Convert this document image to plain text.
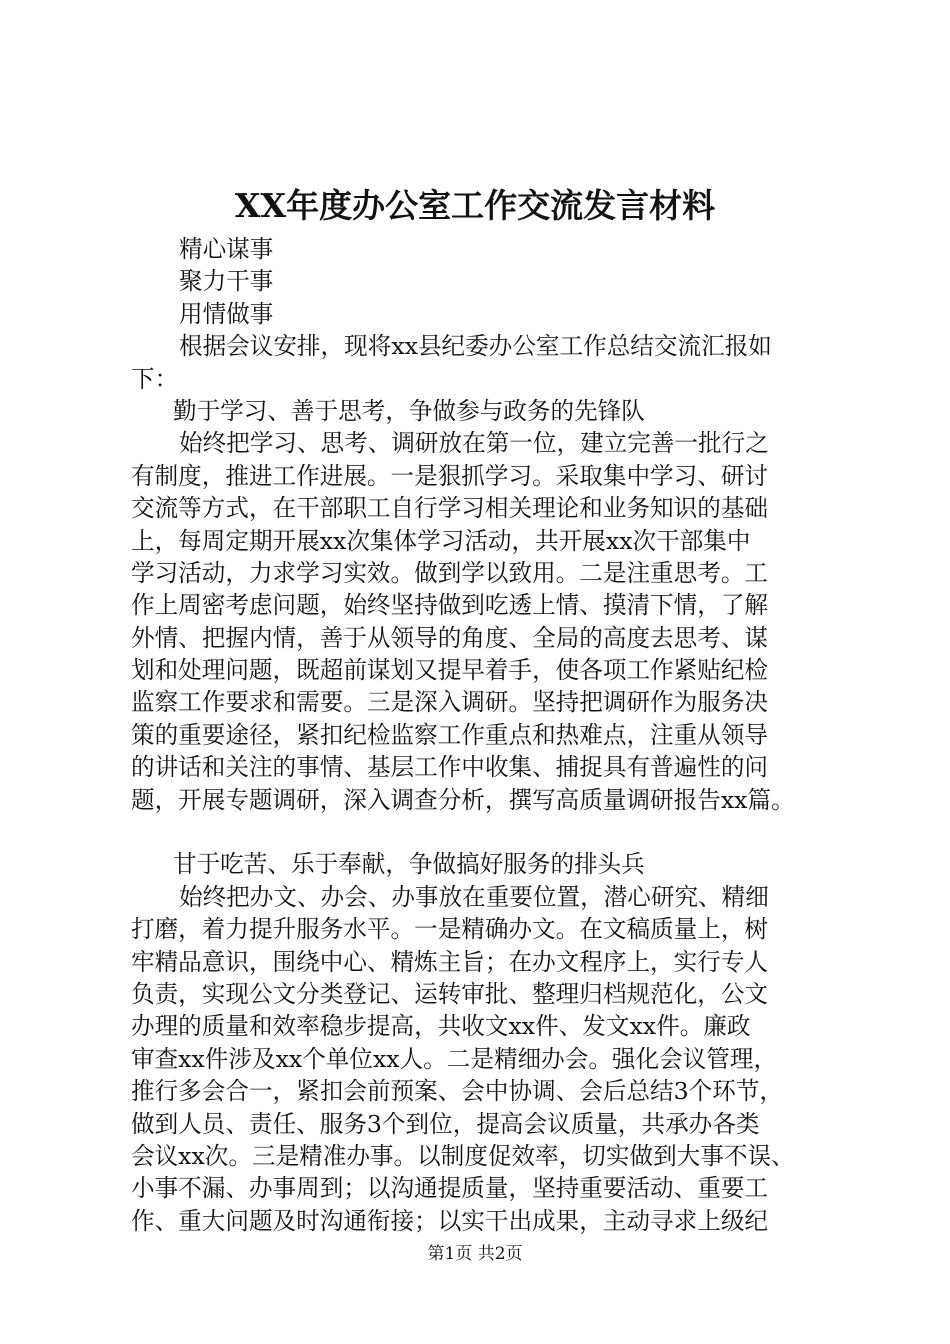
XX年度办公室工作交流发言材料
精心谋事
聚力干事
用情做事
根据会议安排，现将xx县纪委办公室工作总结交流汇报如
下：
勤于学习、善于思考，争做参与政务的先锋队
始终把学习、思考、调研放在第一位，建立完善一批行之
有制度，推进工作进展。一是狠抓学习。采取集中学习、研讨
交流等方式，在干部职工自行学习相关理论和业务知识的基础
上，每周定期开展xx次集体学习活动，共开展xx次干部集中
学习活动，力求学习实效。做到学以致用。二是注重思考。工
作上周密考虑问题，始终坚持做到吃透上情、摸清下情，了解
外情、把握内情，善于从领导的角度、全局的高度去思考、谋
划和处理问题，既超前谋划又提早着手，使各项工作紧贴纪检
监察工作要求和需要。三是深入调研。坚持把调研作为服务决
策的重要途径，紧扣纪检监察工作重点和热难点，注重从领导
的讲话和关注的事情、基层工作中收集、捕捉具有普遍性的问
题，开展专题调研，深入调查分析，撰写高质量调研报告xx篇。
甘于吃苦、乐于奉献，争做搞好服务的排头兵
始终把办文、办会、办事放在重要位置，潜心研究、精细
打磨，着力提升服务水平。一是精确办文。在文稿质量上，树
牢精品意识，围绕中心、精炼主旨；在办文程序上，实行专人
负责，实现公文分类登记、运转审批、整理归档规范化，公文
办理的质量和效率稳步提高，共收文xx件、发文xx件。廉政
审查xx件涉及xx个单位xx人。二是精细办会。强化会议管理，
推行多会合一，紧扣会前预案、会中协调、会后总结3个环节，
做到人员、责任、服务3个到位，提高会议质量，共承办各类
会议xx次。三是精准办事。以制度促效率，切实做到大事不误、
小事不漏、办事周到；以沟通提质量，坚持重要活动、重要工
作、重大问题及时沟通衔接；以实干出成果，主动寻求上级纪
第1页 共2页
